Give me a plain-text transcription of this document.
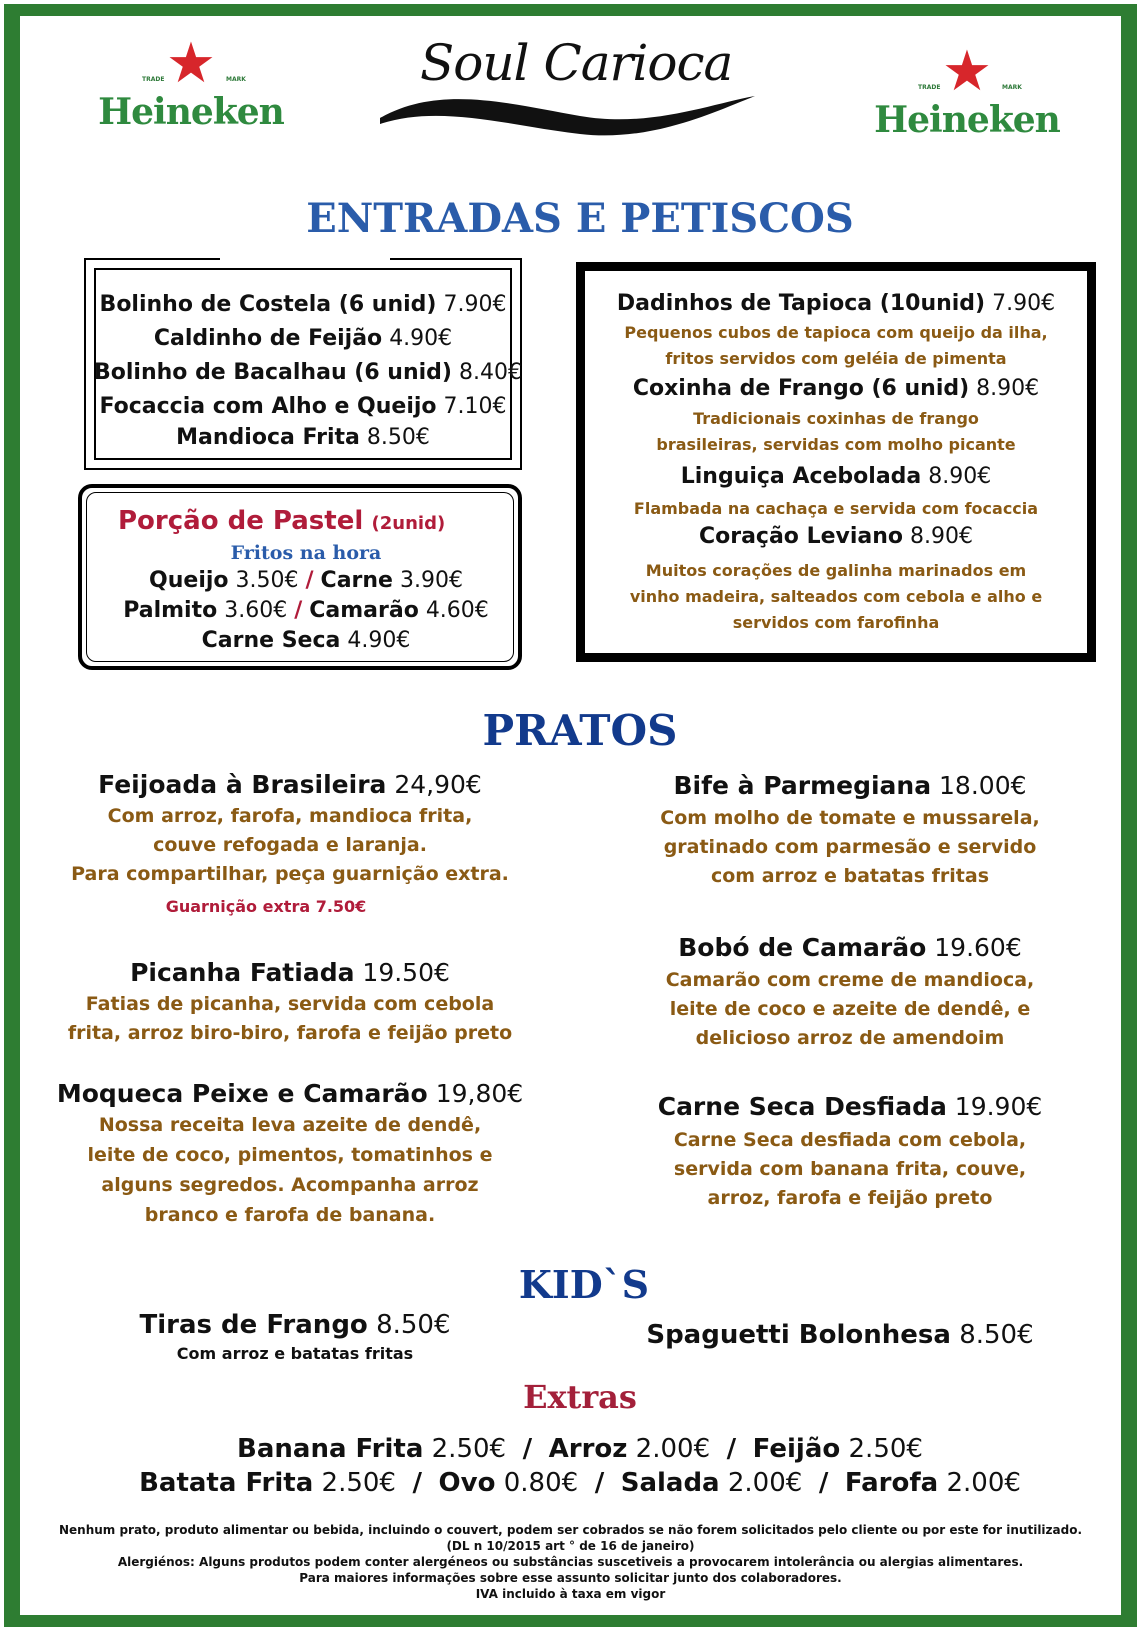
★
TRADE	MARK
Heineken
★
TRADE	MARK
Heineken
Soul Carioca
ENTRADAS E PETISCOS
Bolinho de Costela (6 unid) 7.90€
Caldinho de Feijão 4.90€
Bolinho de Bacalhau (6 unid) 8.40€
Focaccia com Alho e Queijo 7.10€
Mandioca Frita 8.50€
Porção de Pastel (2unid)
Fritos na hora
Queijo 3.50€ / Carne 3.90€
Palmito 3.60€ / Camarão 4.60€
Carne Seca 4.90€
Dadinhos de Tapioca (10unid) 7.90€
Pequenos cubos de tapioca com queijo da ilha,
fritos servidos com geléia de pimenta
Coxinha de Frango (6 unid) 8.90€
Tradicionais coxinhas de frango
brasileiras, servidas com molho picante
Linguiça Acebolada 8.90€
Flambada na cachaça e servida com focaccia
Coração Leviano 8.90€
Muitos corações de galinha marinados em
vinho madeira, salteados com cebola e alho e
servidos com farofinha
PRATOS
Feijoada à Brasileira 24,90€
Com arroz, farofa, mandioca frita,
couve refogada e laranja.
Para compartilhar, peça guarnição extra.
Guarnição extra 7.50€
Picanha Fatiada 19.50€
Fatias de picanha, servida com cebola
frita, arroz biro-biro, farofa e feijão preto
Moqueca Peixe e Camarão 19,80€
Nossa receita leva azeite de dendê,
leite de coco, pimentos, tomatinhos e
alguns segredos. Acompanha arroz
branco e farofa de banana.
Bife à Parmegiana 18.00€
Com molho de tomate e mussarela,
gratinado com parmesão e servido
com arroz e batatas fritas
Bobó de Camarão 19.60€
Camarão com creme de mandioca,
leite de coco e azeite de dendê, e
delicioso arroz de amendoim
Carne Seca Desfiada 19.90€
Carne Seca desfiada com cebola,
servida com banana frita, couve,
arroz, farofa e feijão preto
KID`S
Tiras de Frango 8.50€
Com arroz e batatas fritas
Spaguetti Bolonhesa 8.50€
Extras
Banana Frita 2.50€ / Arroz 2.00€ / Feijão 2.50€
Batata Frita 2.50€ / Ovo 0.80€ / Salada 2.00€ / Farofa 2.00€
Nenhum prato, produto alimentar ou bebida, incluindo o couvert, podem ser cobrados se não forem solicitados pelo cliente ou por este for inutilizado.
(DL n 10/2015 art ° de 16 de janeiro)
Alergiénos: Alguns produtos podem conter alergéneos ou substâncias suscetiveis a provocarem intolerância ou alergias alimentares.
Para maiores informações sobre esse assunto solicitar junto dos colaboradores.
IVA incluido à taxa em vigor
